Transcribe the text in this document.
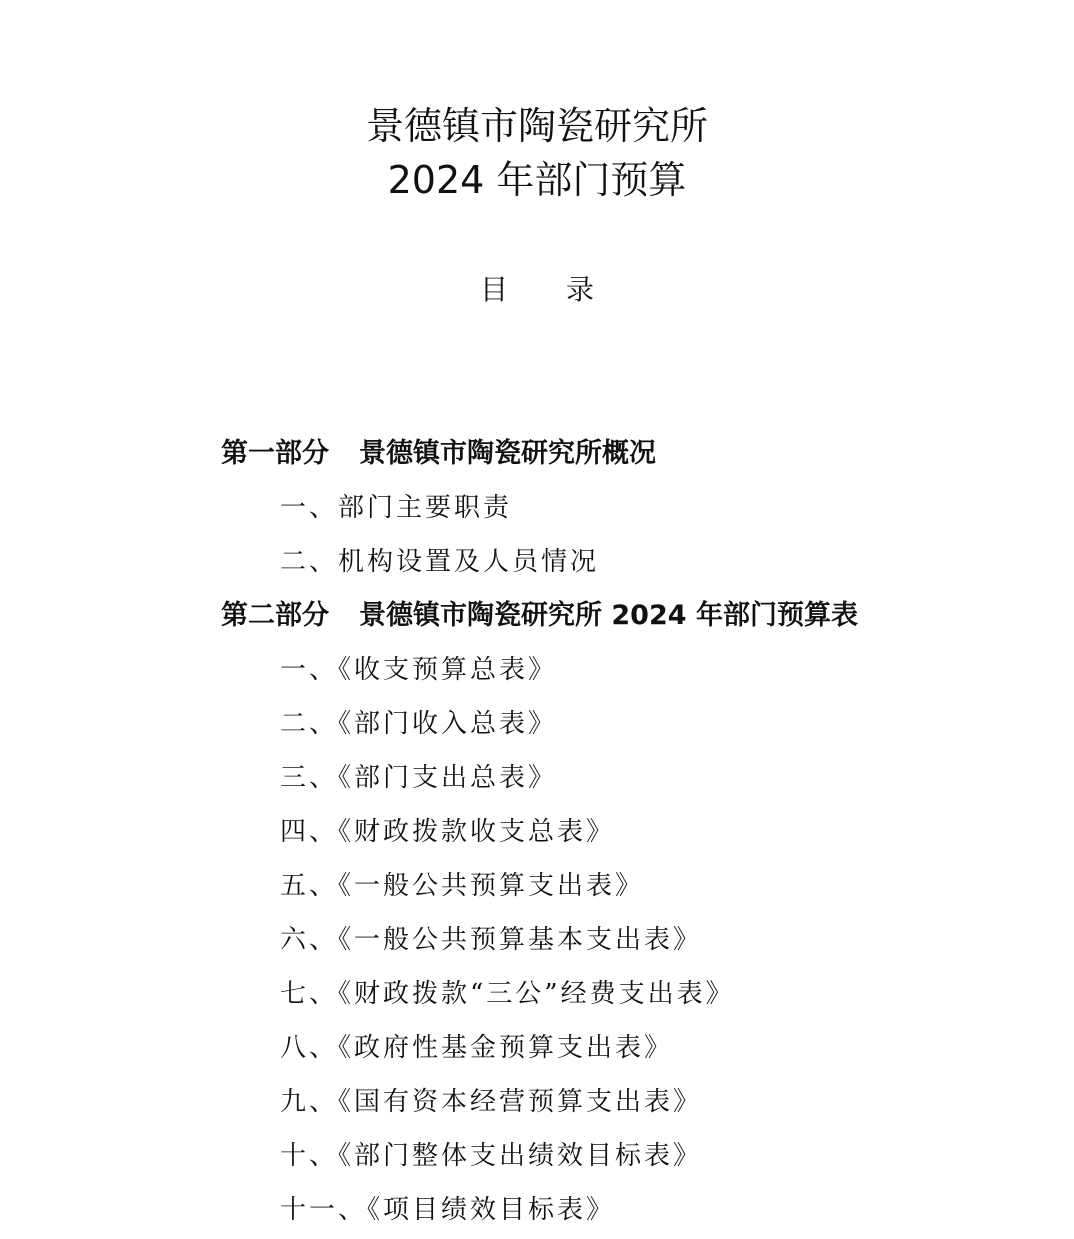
景德镇市陶瓷研究所
2024 年部门预算
目录
第一部分 景德镇市陶瓷研究所概况
一、部门主要职责
二、机构设置及人员情况
第二部分 景德镇市陶瓷研究所 2024 年部门预算表
一、《收支预算总表》
二、《部门收入总表》
三、《部门支出总表》
四、《财政拨款收支总表》
五、《一般公共预算支出表》
六、《一般公共预算基本支出表》
七、《财政拨款“三公”经费支出表》
八、《政府性基金预算支出表》
九、《国有资本经营预算支出表》
十、《部门整体支出绩效目标表》
十一、《项目绩效目标表》
